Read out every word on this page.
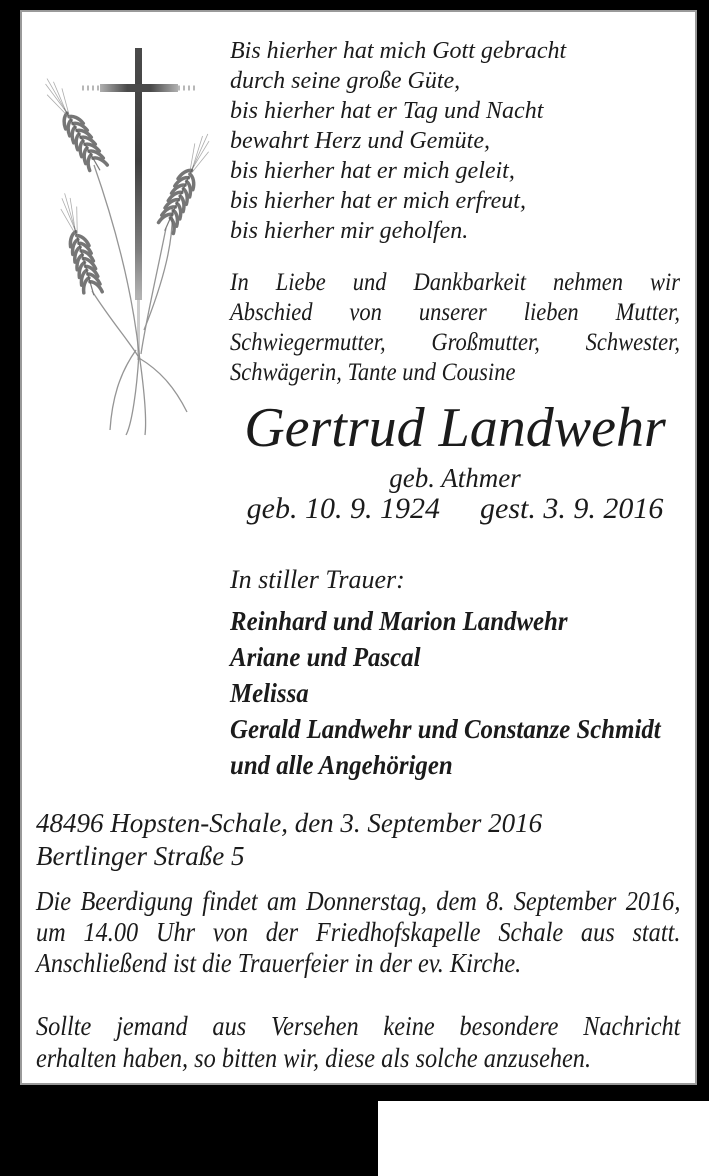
Bis hierher hat mich Gott gebracht
durch seine große Güte,
bis hierher hat er Tag und Nacht
bewahrt Herz und Gemüte,
bis hierher hat er mich geleit,
bis hierher hat er mich erfreut,
bis hierher mir geholfen.
In Liebe und Dankbarkeit nehmen wir
Abschied von unserer lieben Mutter,
Schwiegermutter, Großmutter, Schwester,
Schwägerin, Tante und Cousine
Gertrud Landwehr
geb. Athmer
geb. 10. 9. 1924 gest. 3. 9. 2016
In stiller Trauer:
Reinhard und Marion Landwehr
Ariane und Pascal
Melissa
Gerald Landwehr und Constanze Schmidt
und alle Angehörigen
48496 Hopsten-Schale, den 3. September 2016
Bertlinger Straße 5
Die Beerdigung findet am Donnerstag, dem 8. September 2016,
um 14.00 Uhr von der Friedhofskapelle Schale aus statt.
Anschließend ist die Trauerfeier in der ev. Kirche.
Sollte jemand aus Versehen keine besondere Nachricht
erhalten haben, so bitten wir, diese als solche anzusehen.
